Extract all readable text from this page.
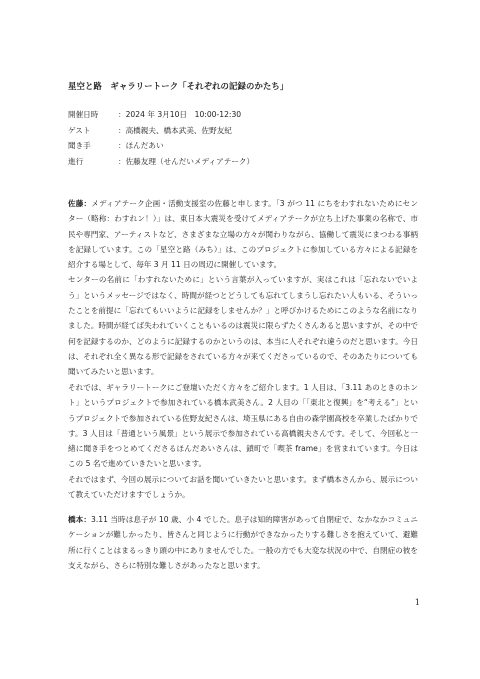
星空と路　ギャラリートーク「それぞれの記録のかたち」
開催日時	：2024 年 3月10日　10:00-12:30
ゲスト	：高橋親夫、橋本武美、佐野友紀
聞き手	：ほんだあい
進行	：佐藤友理（せんだいメディアテーク）

佐藤：メディアテーク企画・活動支援室の佐藤と申します。「3 がつ 11 にちをわすれないためにセンター（略称：わすれン！）」は、東日本大震災を受けてメディアテークが立ち上げた事業の名称で、市民や専門家、アーティストなど、さまざまな立場の方々が関わりながら、協働して震災にまつわる事柄を記録しています。この「星空と路（みち）」は、このプロジェクトに参加している方々による記録を紹介する場として、毎年 3 月 11 日の周辺に開催しています。

センターの名前に「わすれないために」という言葉が入っていますが、実はこれは「忘れないでいよう」というメッセージではなく、時間が経つとどうしても忘れてしまうし忘れたい人もいる、そういったことを前提に「忘れてもいいように記録をしませんか？」と呼びかけるためにこのような名前になりました。時間が経てば失われていくこともいるのは震災に限らずたくさんあると思いますが、その中で何を記録するのか、どのように記録するのかというのは、本当に人それぞれ違うのだと思います。今日は、それぞれ全く異なる形で記録をされている方々が来てくださっているので、そのあたりについても聞いてみたいと思います。

それでは、ギャラリートークにご登壇いただく方々をご紹介します。1 人目は、「3.11 あのときのホント」というプロジェクトで参加されている橋本武美さん。2 人目の「「東北と復興」を“考える”」というプロジェクトで参加されている佐野友紀さんは、埼玉県にある自由の森学園高校を卒業したばかりです。3 人目は「普通という風景」という展示で参加されている高橋親夫さんです。そして、今回私と一緒に聞き手をつとめてくださるほんだあいさんは、鎖町で「喫茶 frame」を営まれています。今日はこの 5 名で進めていきたいと思います。

それではまず、今回の展示についてお話を聞いていきたいと思います。まず橋本さんから、展示について教えていただけますでしょうか。

橋本：3.11 当時は息子が 10 歳、小 4 でした。息子は知的障害があって自閉症で、なかなかコミュニケーションが難しかったり、皆さんと同じように行動ができなかったりする難しさを抱えていて、避難所に行くことはまるっきり頭の中にありませんでした。一般の方でも大変な状況の中で、自閉症の彼を支えながら、さらに特別な難しさがあったなと思います。

1
